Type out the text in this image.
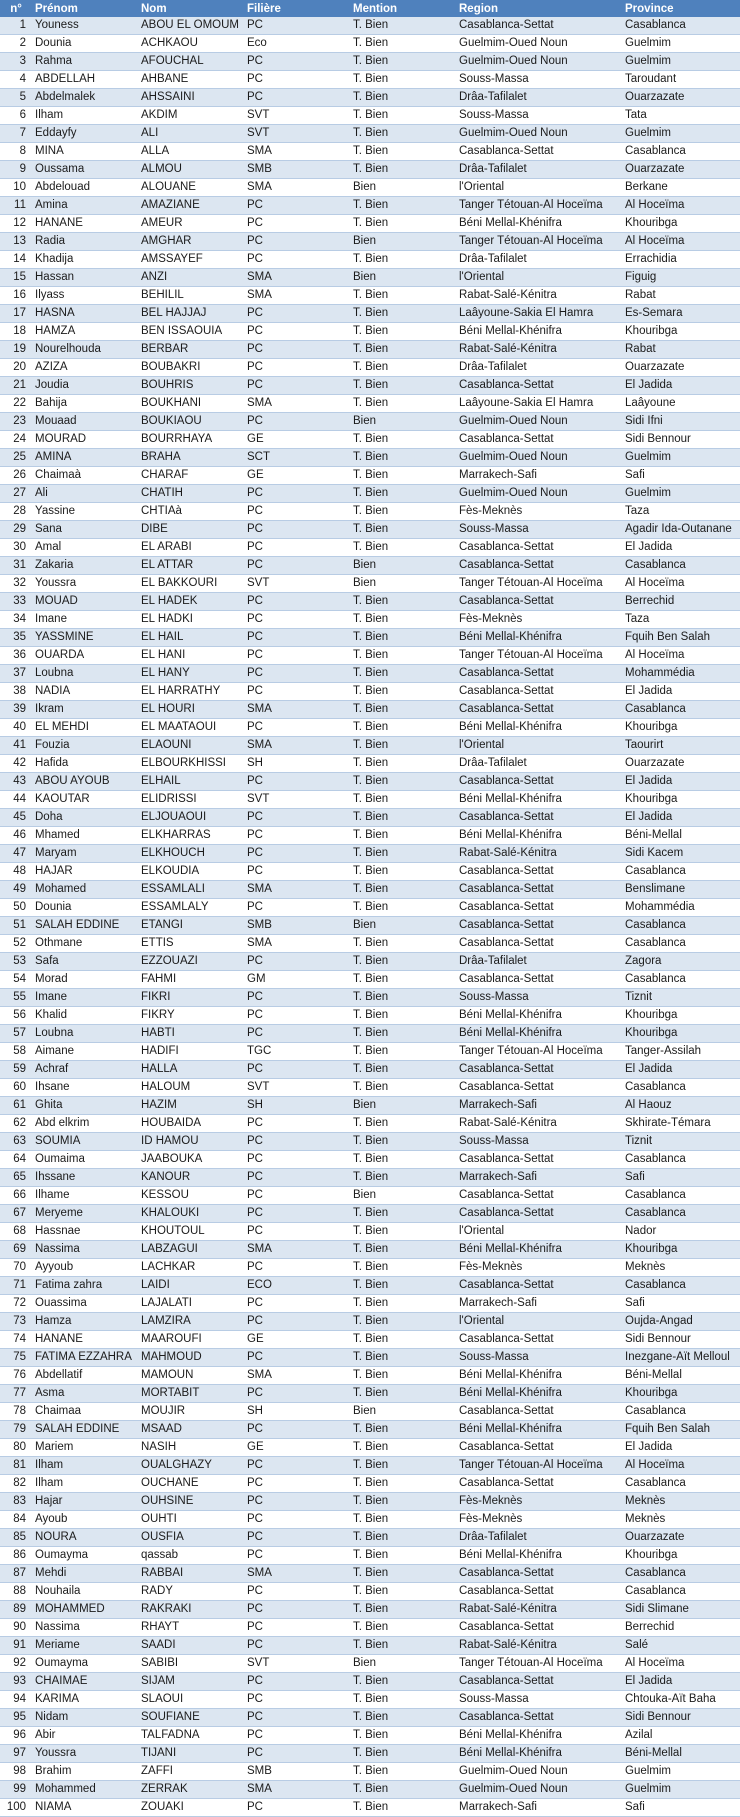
n°	Prénom	Nom	Filière	Mention	Region	Province
1	Youness	ABOU EL OMOUM	PC	T. Bien	Casablanca-Settat	Casablanca
2	Dounia	ACHKAOU	Eco	T. Bien	Guelmim-Oued Noun	Guelmim
3	Rahma	AFOUCHAL	PC	T. Bien	Guelmim-Oued Noun	Guelmim
4	ABDELLAH	AHBANE	PC	T. Bien	Souss-Massa	Taroudant
5	Abdelmalek	AHSSAINI	PC	T. Bien	Drâa-Tafilalet	Ouarzazate
6	Ilham	AKDIM	SVT	T. Bien	Souss-Massa	Tata
7	Eddayfy	ALI	SVT	T. Bien	Guelmim-Oued Noun	Guelmim
8	MINA	ALLA	SMA	T. Bien	Casablanca-Settat	Casablanca
9	Oussama	ALMOU	SMB	T. Bien	Drâa-Tafilalet	Ouarzazate
10	Abdelouad	ALOUANE	SMA	Bien	l'Oriental	Berkane
11	Amina	AMAZIANE	PC	T. Bien	Tanger Tétouan-Al Hoceïma	Al Hoceïma
12	HANANE	AMEUR	PC	T. Bien	Béni Mellal-Khénifra	Khouribga
13	Radia	AMGHAR	PC	Bien	Tanger Tétouan-Al Hoceïma	Al Hoceïma
14	Khadija	AMSSAYEF	PC	T. Bien	Drâa-Tafilalet	Errachidia
15	Hassan	ANZI	SMA	Bien	l'Oriental	Figuig
16	Ilyass	BEHILIL	SMA	T. Bien	Rabat-Salé-Kénitra	Rabat
17	HASNA	BEL HAJJAJ	PC	T. Bien	Laâyoune-Sakia El Hamra	Es-Semara
18	HAMZA	BEN ISSAOUIA	PC	T. Bien	Béni Mellal-Khénifra	Khouribga
19	Nourelhouda	BERBAR	PC	T. Bien	Rabat-Salé-Kénitra	Rabat
20	AZIZA	BOUBAKRI	PC	T. Bien	Drâa-Tafilalet	Ouarzazate
21	Joudia	BOUHRIS	PC	T. Bien	Casablanca-Settat	El Jadida
22	Bahija	BOUKHANI	SMA	T. Bien	Laâyoune-Sakia El Hamra	Laâyoune
23	Mouaad	BOUKIAOU	PC	Bien	Guelmim-Oued Noun	Sidi Ifni
24	MOURAD	BOURRHAYA	GE	T. Bien	Casablanca-Settat	Sidi Bennour
25	AMINA	BRAHA	SCT	T. Bien	Guelmim-Oued Noun	Guelmim
26	Chaimaà	CHARAF	GE	T. Bien	Marrakech-Safi	Safi
27	Ali	CHATIH	PC	T. Bien	Guelmim-Oued Noun	Guelmim
28	Yassine	CHTIAà	PC	T. Bien	Fès-Meknès	Taza
29	Sana	DIBE	PC	T. Bien	Souss-Massa	Agadir Ida-Outanane
30	Amal	EL ARABI	PC	T. Bien	Casablanca-Settat	El Jadida
31	Zakaria	EL ATTAR	PC	Bien	Casablanca-Settat	Casablanca
32	Youssra	EL BAKKOURI	SVT	Bien	Tanger Tétouan-Al Hoceïma	Al Hoceïma
33	MOUAD	EL HADEK	PC	T. Bien	Casablanca-Settat	Berrechid
34	Imane	EL HADKI	PC	T. Bien	Fès-Meknès	Taza
35	YASSMINE	EL HAIL	PC	T. Bien	Béni Mellal-Khénifra	Fquih Ben Salah
36	OUARDA	EL HANI	PC	T. Bien	Tanger Tétouan-Al Hoceïma	Al Hoceïma
37	Loubna	EL HANY	PC	T. Bien	Casablanca-Settat	Mohammédia
38	NADIA	EL HARRATHY	PC	T. Bien	Casablanca-Settat	El Jadida
39	Ikram	EL HOURI	SMA	T. Bien	Casablanca-Settat	Casablanca
40	EL MEHDI	EL MAATAOUI	PC	T. Bien	Béni Mellal-Khénifra	Khouribga
41	Fouzia	ELAOUNI	SMA	T. Bien	l'Oriental	Taourirt
42	Hafida	ELBOURKHISSI	SH	T. Bien	Drâa-Tafilalet	Ouarzazate
43	ABOU AYOUB	ELHAIL	PC	T. Bien	Casablanca-Settat	El Jadida
44	KAOUTAR	ELIDRISSI	SVT	T. Bien	Béni Mellal-Khénifra	Khouribga
45	Doha	ELJOUAOUI	PC	T. Bien	Casablanca-Settat	El Jadida
46	Mhamed	ELKHARRAS	PC	T. Bien	Béni Mellal-Khénifra	Béni-Mellal
47	Maryam	ELKHOUCH	PC	T. Bien	Rabat-Salé-Kénitra	Sidi Kacem
48	HAJAR	ELKOUDIA	PC	T. Bien	Casablanca-Settat	Casablanca
49	Mohamed	ESSAMLALI	SMA	T. Bien	Casablanca-Settat	Benslimane
50	Dounia	ESSAMLALY	PC	T. Bien	Casablanca-Settat	Mohammédia
51	SALAH EDDINE	ETANGI	SMB	Bien	Casablanca-Settat	Casablanca
52	Othmane	ETTIS	SMA	T. Bien	Casablanca-Settat	Casablanca
53	Safa	EZZOUAZI	PC	T. Bien	Drâa-Tafilalet	Zagora
54	Morad	FAHMI	GM	T. Bien	Casablanca-Settat	Casablanca
55	Imane	FIKRI	PC	T. Bien	Souss-Massa	Tiznit
56	Khalid	FIKRY	PC	T. Bien	Béni Mellal-Khénifra	Khouribga
57	Loubna	HABTI	PC	T. Bien	Béni Mellal-Khénifra	Khouribga
58	Aimane	HADIFI	TGC	T. Bien	Tanger Tétouan-Al Hoceïma	Tanger-Assilah
59	Achraf	HALLA	PC	T. Bien	Casablanca-Settat	El Jadida
60	Ihsane	HALOUM	SVT	T. Bien	Casablanca-Settat	Casablanca
61	Ghita	HAZIM	SH	Bien	Marrakech-Safi	Al Haouz
62	Abd elkrim	HOUBAIDA	PC	T. Bien	Rabat-Salé-Kénitra	Skhirate-Témara
63	SOUMIA	ID HAMOU	PC	T. Bien	Souss-Massa	Tiznit
64	Oumaima	JAABOUKA	PC	T. Bien	Casablanca-Settat	Casablanca
65	Ihssane	KANOUR	PC	T. Bien	Marrakech-Safi	Safi
66	Ilhame	KESSOU	PC	Bien	Casablanca-Settat	Casablanca
67	Meryeme	KHALOUKI	PC	T. Bien	Casablanca-Settat	Casablanca
68	Hassnae	KHOUTOUL	PC	T. Bien	l'Oriental	Nador
69	Nassima	LABZAGUI	SMA	T. Bien	Béni Mellal-Khénifra	Khouribga
70	Ayyoub	LACHKAR	PC	T. Bien	Fès-Meknès	Meknès
71	Fatima zahra	LAIDI	ECO	T. Bien	Casablanca-Settat	Casablanca
72	Ouassima	LAJALATI	PC	T. Bien	Marrakech-Safi	Safi
73	Hamza	LAMZIRA	PC	T. Bien	l'Oriental	Oujda-Angad
74	HANANE	MAAROUFI	GE	T. Bien	Casablanca-Settat	Sidi Bennour
75	FATIMA EZZAHRA	MAHMOUD	PC	T. Bien	Souss-Massa	Inezgane-Aït Melloul
76	Abdellatif	MAMOUN	SMA	T. Bien	Béni Mellal-Khénifra	Béni-Mellal
77	Asma	MORTABIT	PC	T. Bien	Béni Mellal-Khénifra	Khouribga
78	Chaimaa	MOUJIR	SH	Bien	Casablanca-Settat	Casablanca
79	SALAH EDDINE	MSAAD	PC	T. Bien	Béni Mellal-Khénifra	Fquih Ben Salah
80	Mariem	NASIH	GE	T. Bien	Casablanca-Settat	El Jadida
81	Ilham	OUALGHAZY	PC	T. Bien	Tanger Tétouan-Al Hoceïma	Al Hoceïma
82	Ilham	OUCHANE	PC	T. Bien	Casablanca-Settat	Casablanca
83	Hajar	OUHSINE	PC	T. Bien	Fès-Meknès	Meknès
84	Ayoub	OUHTI	PC	T. Bien	Fès-Meknès	Meknès
85	NOURA	OUSFIA	PC	T. Bien	Drâa-Tafilalet	Ouarzazate
86	Oumayma	qassab	PC	T. Bien	Béni Mellal-Khénifra	Khouribga
87	Mehdi	RABBAI	SMA	T. Bien	Casablanca-Settat	Casablanca
88	Nouhaila	RADY	PC	T. Bien	Casablanca-Settat	Casablanca
89	MOHAMMED	RAKRAKI	PC	T. Bien	Rabat-Salé-Kénitra	Sidi Slimane
90	Nassima	RHAYT	PC	T. Bien	Casablanca-Settat	Berrechid
91	Meriame	SAADI	PC	T. Bien	Rabat-Salé-Kénitra	Salé
92	Oumayma	SABIBI	SVT	Bien	Tanger Tétouan-Al Hoceïma	Al Hoceïma
93	CHAIMAE	SIJAM	PC	T. Bien	Casablanca-Settat	El Jadida
94	KARIMA	SLAOUI	PC	T. Bien	Souss-Massa	Chtouka-Aït Baha
95	Nidam	SOUFIANE	PC	T. Bien	Casablanca-Settat	Sidi Bennour
96	Abir	TALFADNA	PC	T. Bien	Béni Mellal-Khénifra	Azilal
97	Youssra	TIJANI	PC	T. Bien	Béni Mellal-Khénifra	Béni-Mellal
98	Brahim	ZAFFI	SMB	T. Bien	Guelmim-Oued Noun	Guelmim
99	Mohammed	ZERRAK	SMA	T. Bien	Guelmim-Oued Noun	Guelmim
100	NIAMA	ZOUAKI	PC	T. Bien	Marrakech-Safi	Safi
